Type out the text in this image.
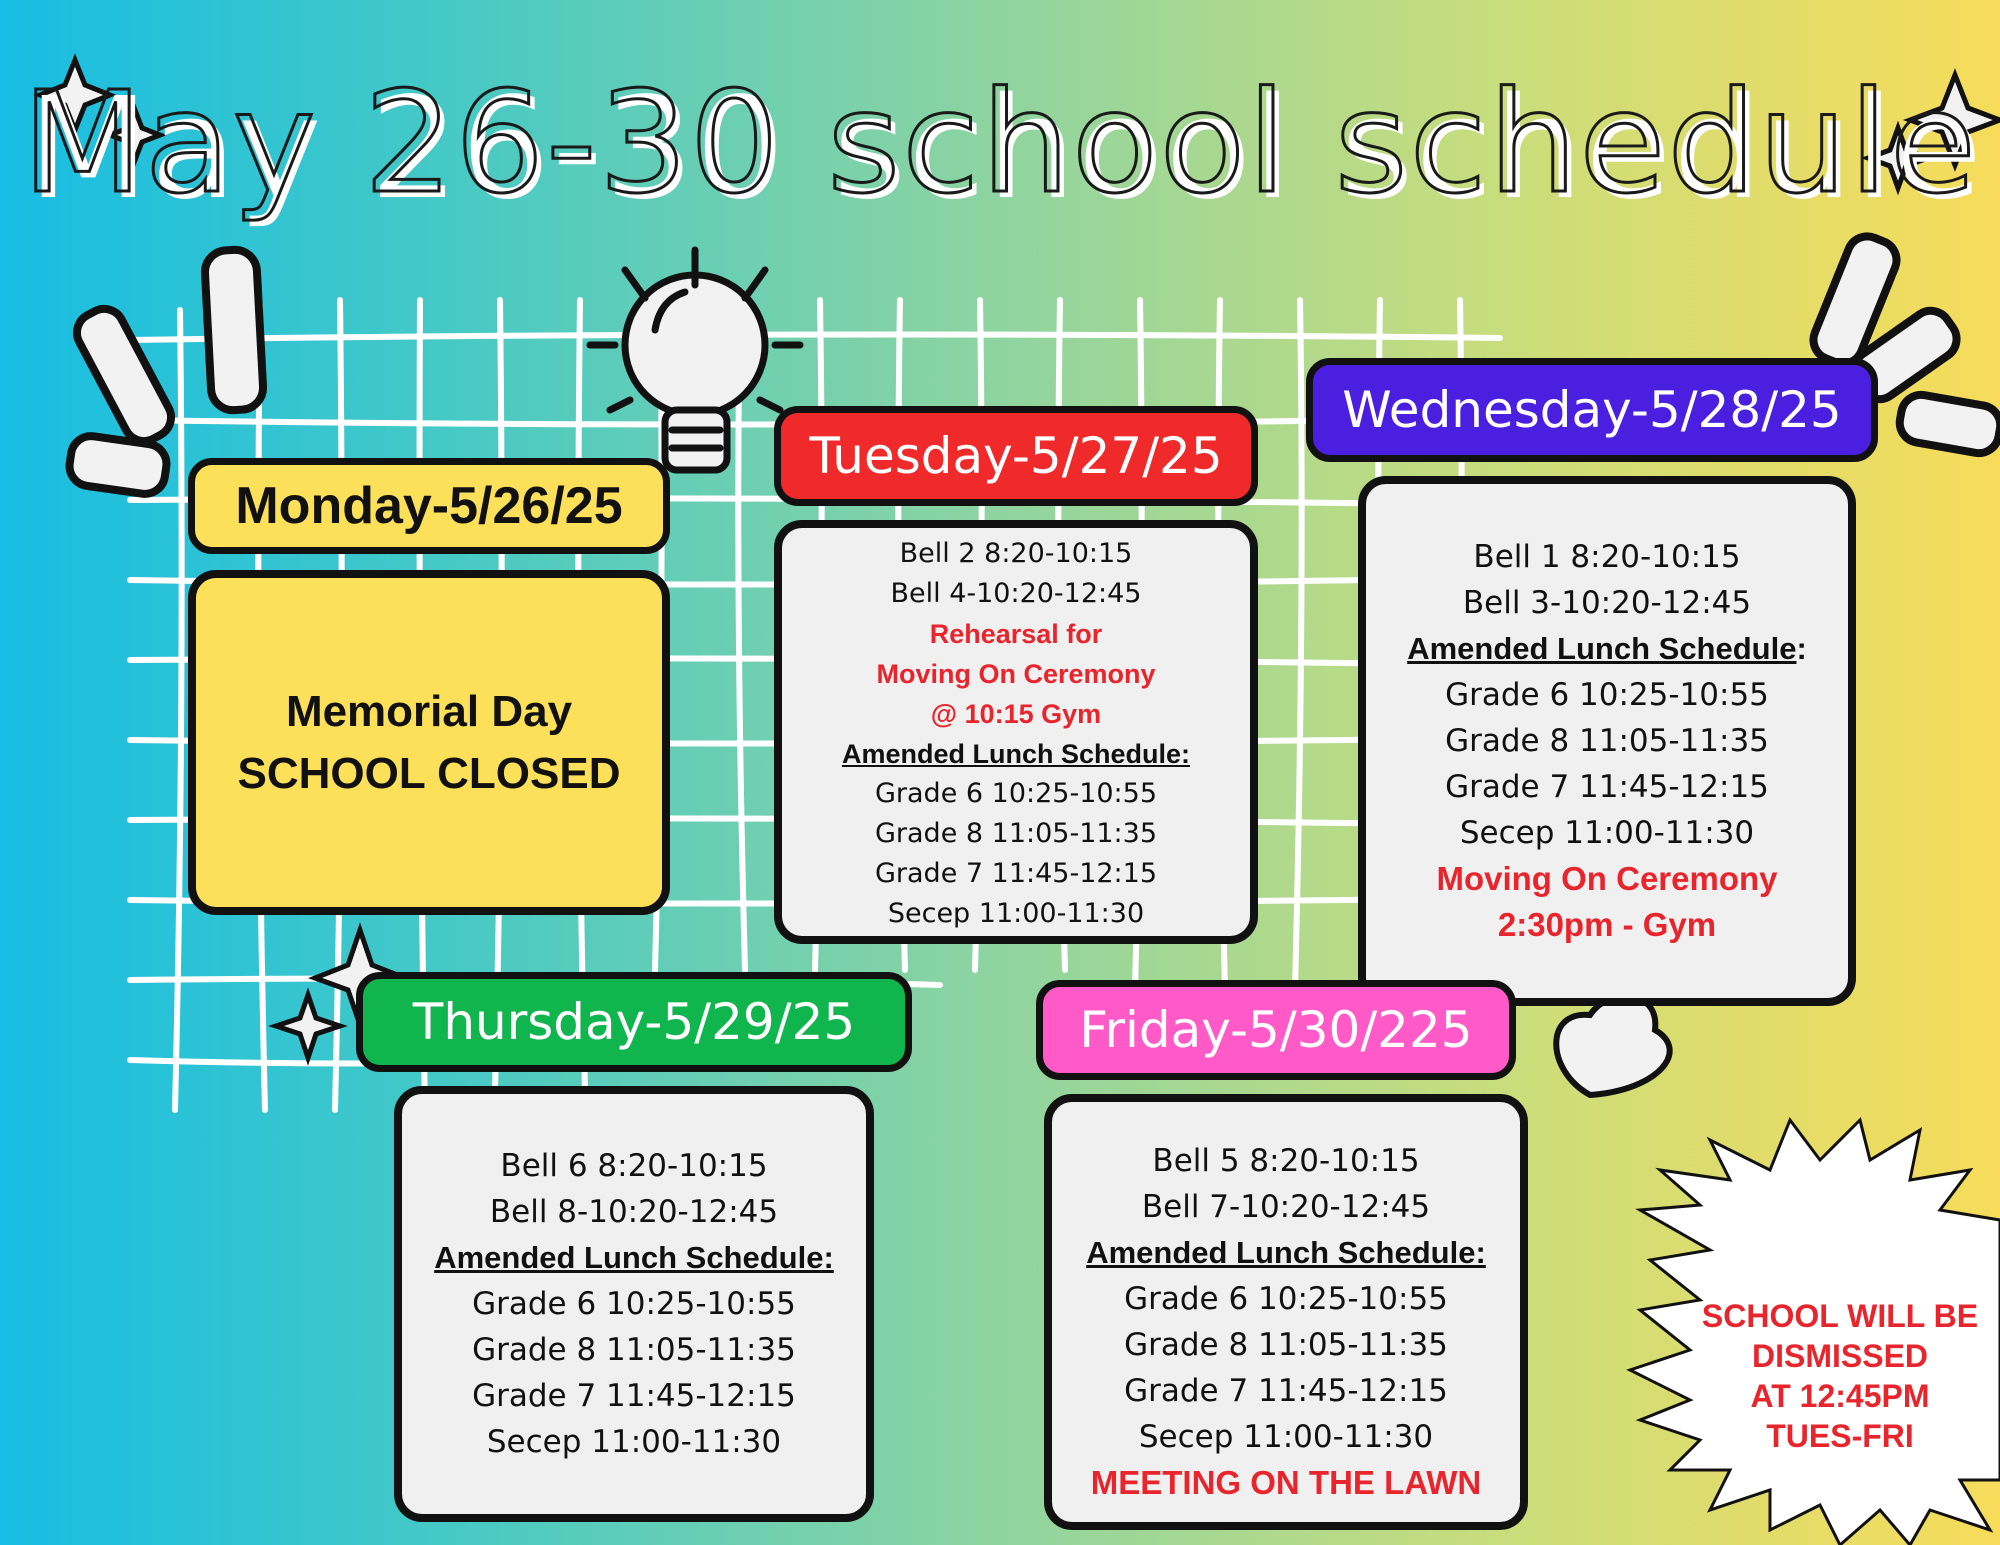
May 26-30 school schedule
Monday-5/26/25
Memorial Day
SCHOOL CLOSED
Tuesday-5/27/25
Bell 2 8:20-10:15
Bell 4-10:20-12:45
Rehearsal for
Moving On Ceremony
@ 10:15 Gym
Amended Lunch Schedule:
Grade 6 10:25-10:55
Grade 8 11:05-11:35
Grade 7 11:45-12:15
Secep 11:00-11:30
Wednesday-5/28/25
Bell 1 8:20-10:15
Bell 3-10:20-12:45
Amended Lunch Schedule:
Grade 6 10:25-10:55
Grade 8 11:05-11:35
Grade 7 11:45-12:15
Secep 11:00-11:30
Moving On Ceremony
2:30pm - Gym
Thursday-5/29/25
Bell 6 8:20-10:15
Bell 8-10:20-12:45
Amended Lunch Schedule:
Grade 6 10:25-10:55
Grade 8 11:05-11:35
Grade 7 11:45-12:15
Secep 11:00-11:30
Friday-5/30/225
Bell 5 8:20-10:15
Bell 7-10:20-12:45
Amended Lunch Schedule:
Grade 6 10:25-10:55
Grade 8 11:05-11:35
Grade 7 11:45-12:15
Secep 11:00-11:30
MEETING ON THE LAWN
SCHOOL WILL BE
DISMISSED
AT 12:45PM
TUES-FRI
